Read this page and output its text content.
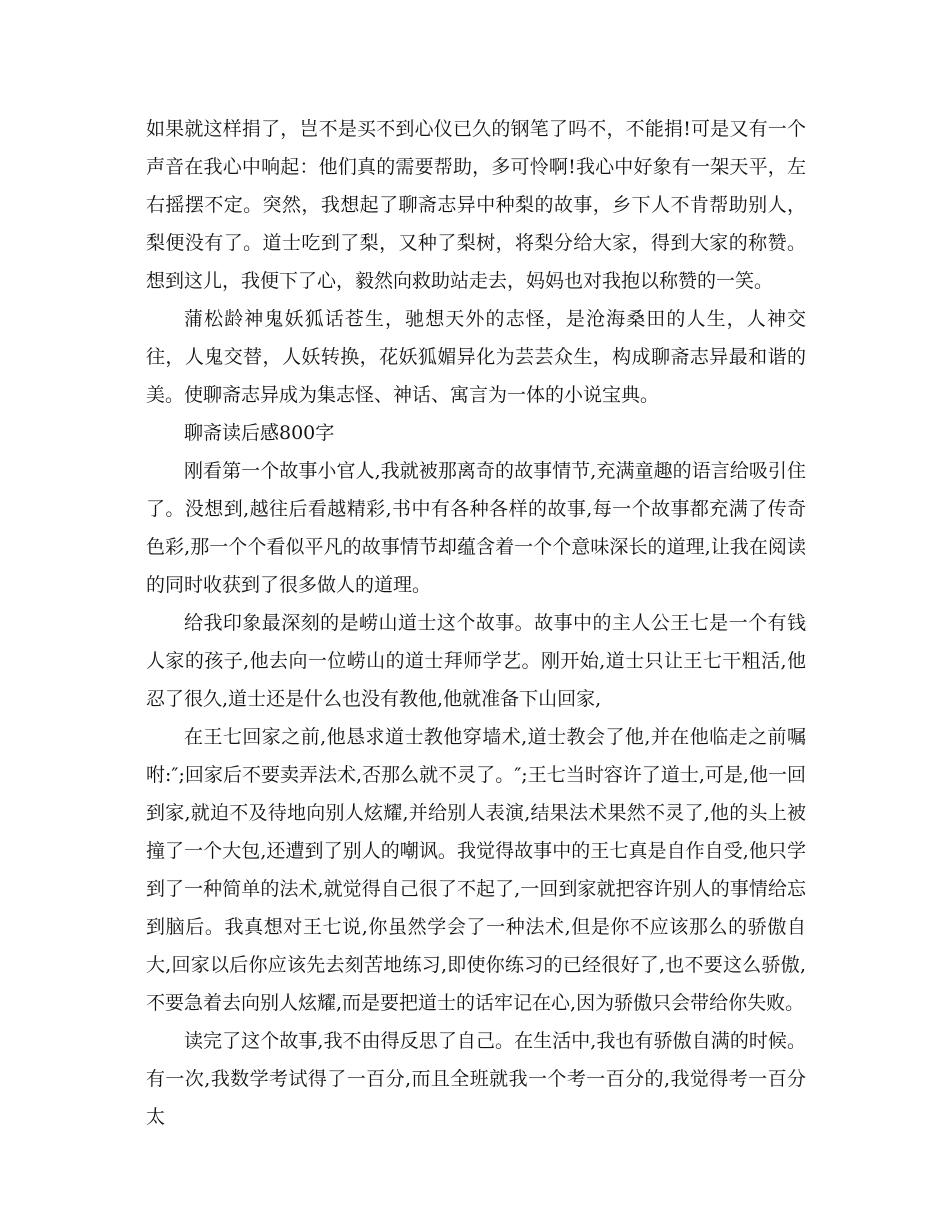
如果就这样捐了，岂不是买不到心仪已久的钢笔了吗不，不能捐!可是又有一个声音在我心中响起：他们真的需要帮助，多可怜啊!我心中好象有一架天平，左右摇摆不定。突然，我想起了聊斋志异中种梨的故事，乡下人不肯帮助别人，梨便没有了。道士吃到了梨，又种了梨树，将梨分给大家，得到大家的称赞。想到这儿，我便下了心，毅然向救助站走去，妈妈也对我抱以称赞的一笑。

蒲松龄神鬼妖狐话苍生，驰想天外的志怪，是沧海桑田的人生，人神交往，人鬼交替，人妖转换，花妖狐媚异化为芸芸众生，构成聊斋志异最和谐的美。使聊斋志异成为集志怪、神话、寓言为一体的小说宝典。

聊斋读后感800字

刚看第一个故事小官人,我就被那离奇的故事情节,充满童趣的语言给吸引住了。没想到,越往后看越精彩,书中有各种各样的故事,每一个故事都充满了传奇色彩,那一个个看似平凡的故事情节却蕴含着一个个意味深长的道理,让我在阅读的同时收获到了很多做人的道理。

给我印象最深刻的是崂山道士这个故事。故事中的主人公王七是一个有钱人家的孩子,他去向一位崂山的道士拜师学艺。刚开始,道士只让王七干粗活,他忍了很久,道士还是什么也没有教他,他就准备下山回家,

在王七回家之前,他恳求道士教他穿墙术,道士教会了他,并在他临走之前嘱咐:″;回家后不要卖弄法术,否那么就不灵了。″;王七当时容许了道士,可是,他一回到家,就迫不及待地向别人炫耀,并给别人表演,结果法术果然不灵了,他的头上被撞了一个大包,还遭到了别人的嘲讽。我觉得故事中的王七真是自作自受,他只学到了一种简单的法术,就觉得自己很了不起了,一回到家就把容许别人的事情给忘到脑后。我真想对王七说,你虽然学会了一种法术,但是你不应该那么的骄傲自大,回家以后你应该先去刻苦地练习,即使你练习的已经很好了,也不要这么骄傲,不要急着去向别人炫耀,而是要把道士的话牢记在心,因为骄傲只会带给你失败。

读完了这个故事,我不由得反思了自己。在生活中,我也有骄傲自满的时候。有一次,我数学考试得了一百分,而且全班就我一个考一百分的,我觉得考一百分太
